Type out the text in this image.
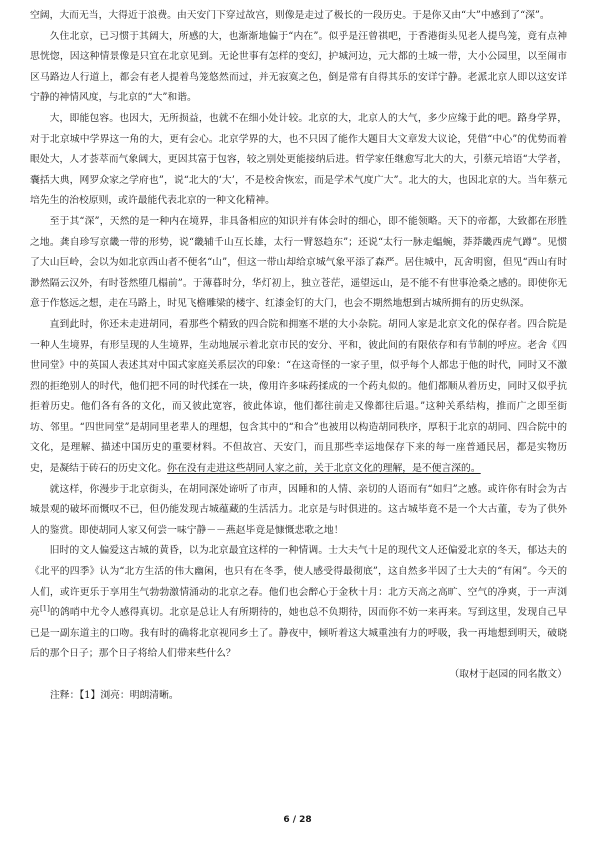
空阔，大而无当，大得近于浪费。由天安门下穿过故宫，则像是走过了极长的一段历史。于是你又由“大”中感到了“深”。

久住北京，已习惯于其阔大，所感的大，也渐渐地偏于“内在”。似乎是汪曾祺吧，于香港街头见老人提鸟笼，竟有点神思恍惚，因这种情景像是只宜在北京见到。无论世事有怎样的变幻，护城河边，元大都的土城一带，大小公园里，以至闹市区马路边人行道上，都会有老人提着鸟笼悠然而过，并无寂寞之色，倒是常有自得其乐的安详宁静。老派北京人即以这安详宁静的神情风度，与北京的“大”和谐。

大，即能包容。也因大，无所损益，也就不在细小处计较。北京的大，北京人的大气，多少应缘于此的吧。路身学界，对于北京城中学界这一角的大，更有会心。北京学界的大，也不只因了能作大题目大文章发大议论，凭借“中心”的优势而着眼处大，人才荟萃而气象阔大，更因其富于包容，较之别处更能接纳后进。哲学家任继愈写北大的大，引蔡元培语“大学者，囊括大典，网罗众家之学府也”，说“北大的‘大’，不是校舍恢宏，而是学术气度广大”。北大的大，也因北京的大。当年蔡元培先生的治校原则，或许最能代表北京的一种文化精神。

至于其“深”，天然的是一种内在境界，非具备相应的知识并有体会时的细心，即不能领略。天下的帝都，大致都在形胜之地。龚自珍写京畿一带的形势，说“畿辅千山互长雄，太行一臂怒趋东”；还说“太行一脉走蝹蜿，莽莽畿西虎气蹲”。见惯了大山巨岭，会以为如北京西山者不便名“山”，但这一带山却给京城气象平添了森严。居住城中，瓦舍明窗，但见“西山有时渺然隔云汉外，有时苍然堕几榻前”。于薄暮时分，华灯初上，独立苍茫，遥望远山，是不能不有世事沧桑之感的。即使你无意于作悠远之想，走在马路上，时见飞檐雕梁的楼宇、红漆金钉的大门，也会不期然地想到古城所拥有的历史纵深。

直到此时，你还未走进胡同，看那些个精致的四合院和拥塞不堪的大小杂院。胡同人家是北京文化的保存者。四合院是一种人生境界，有形呈现的人生境界，生动地展示着北京市民的安分、平和，彼此间的有限依存和有节制的呼应。老舍《四世同堂》中的英国人表述其对中国式家庭关系层次的印象：“在这奇怪的一家子里，似乎每个人都忠于他的时代，同时又不激烈的拒绝别人的时代，他们把不同的时代揉在一块，像用许多味药揉成的一个药丸似的。他们都顺从着历史，同时又似乎抗拒着历史。他们各有各的文化，而又彼此宽容，彼此体谅，他们都往前走又像都往后退。”这种关系结构，推而广之即至街坊、邻里。“四世同堂”是胡同里老辈人的理想，包含其中的“和合”也被用以构造胡同秩序，厚积于北京的胡同、四合院中的文化，是理解、描述中国历史的重要材料。不但故宫、天安门，而且那些幸运地保存下来的每一座普通民居，都是实物历史，是凝结于砖石的历史文化。你在没有走进这些胡同人家之前，关于北京文化的理解，是不便言深的。

就这样，你漫步于北京街头，在胡同深处谛听了市声，因睡和的人情、亲切的人语而有“如归”之感。或许你有时会为古城景观的破坏而慨叹不已，但仍能发现古城蕴藏的生活活力。北京是与时俱进的。这古城毕竟不是一个大古董，专为了供外人的鉴赏。即使胡同人家又何尝一味宁静－－燕赵毕竟是慷慨悲歌之地！

旧时的文人偏爱这古城的黄昏，以为北京最宜这样的一种情调。士大夫气十足的现代文人还偏爱北京的冬天，郁达夫的《北平的四季》认为“北方生活的伟大幽闲，也只有在冬季，使人感受得最彻底”，这自然多半因了士大夫的“有闲”。今天的人们，或许更乐于享用生气勃勃激情涌动的北京之春。他们也会醉心于金秋十月：北方天高之高旷、空气的净爽，于一声浏亮[1]的鸽哨中尤令人感得真切。北京是总让人有所期待的，她也总不负期待，因而你不妨一来再来。写到这里，发现自己早已是一副东道主的口吻。我有时的确将北京视同乡土了。静夜中，倾听着这大城重浊有力的呼吸，我一再地想到明天，破晓后的那个日子；那个日子将给人们带来些什么？

（取材于赵园的同名散文）

注释：【1】浏亮：明朗清晰。

6 / 28
